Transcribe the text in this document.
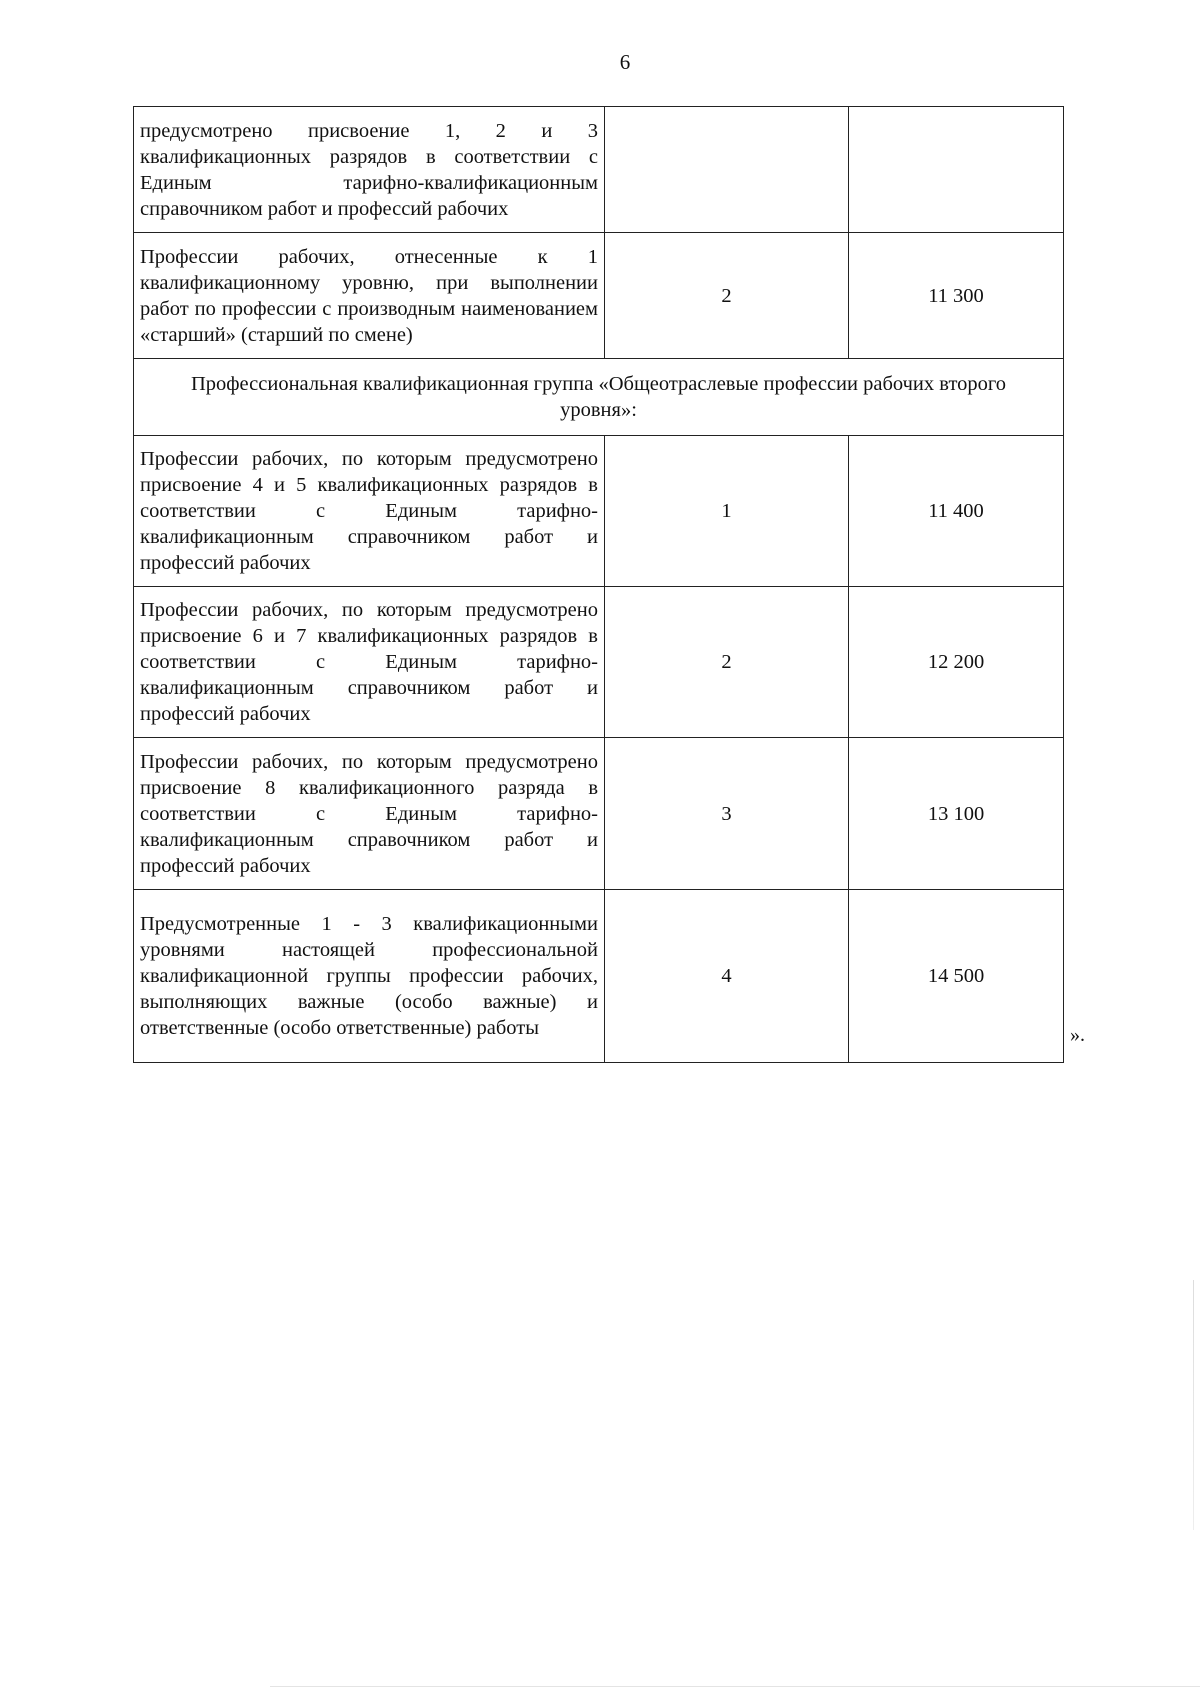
6
предусмотрено присвоение 1, 2 и 3 квалификационных разрядов в соответствии с Единым тарифно-квалификационным справочником работ и профессий рабочих		
Профессии рабочих, отнесенные к 1 квалификационному уровню, при выполнении работ по профессии с производным наименованием «старший» (старший по смене)	2	11 300
Профессиональная квалификационная группа «Общеотраслевые профессии рабочих второго уровня»:		
Профессии рабочих, по которым предусмотрено присвоение 4 и 5 квалификационных разрядов в соответствии с Единым тарифно-квалификационным справочником работ и профессий рабочих	1	11 400
Профессии рабочих, по которым предусмотрено присвоение 6 и 7 квалификационных разрядов в соответствии с Единым тарифно-квалификационным справочником работ и профессий рабочих	2	12 200
Профессии рабочих, по которым предусмотрено присвоение 8 квалификационного разряда в соответствии с Единым тарифно-квалификационным справочником работ и профессий рабочих	3	13 100
Предусмотренные 1 - 3 квалификационными уровнями настоящей профессиональной квалификационной группы профессии рабочих, выполняющих важные (особо важные) и ответственные (особо ответственные) работы	4	14 500
».
